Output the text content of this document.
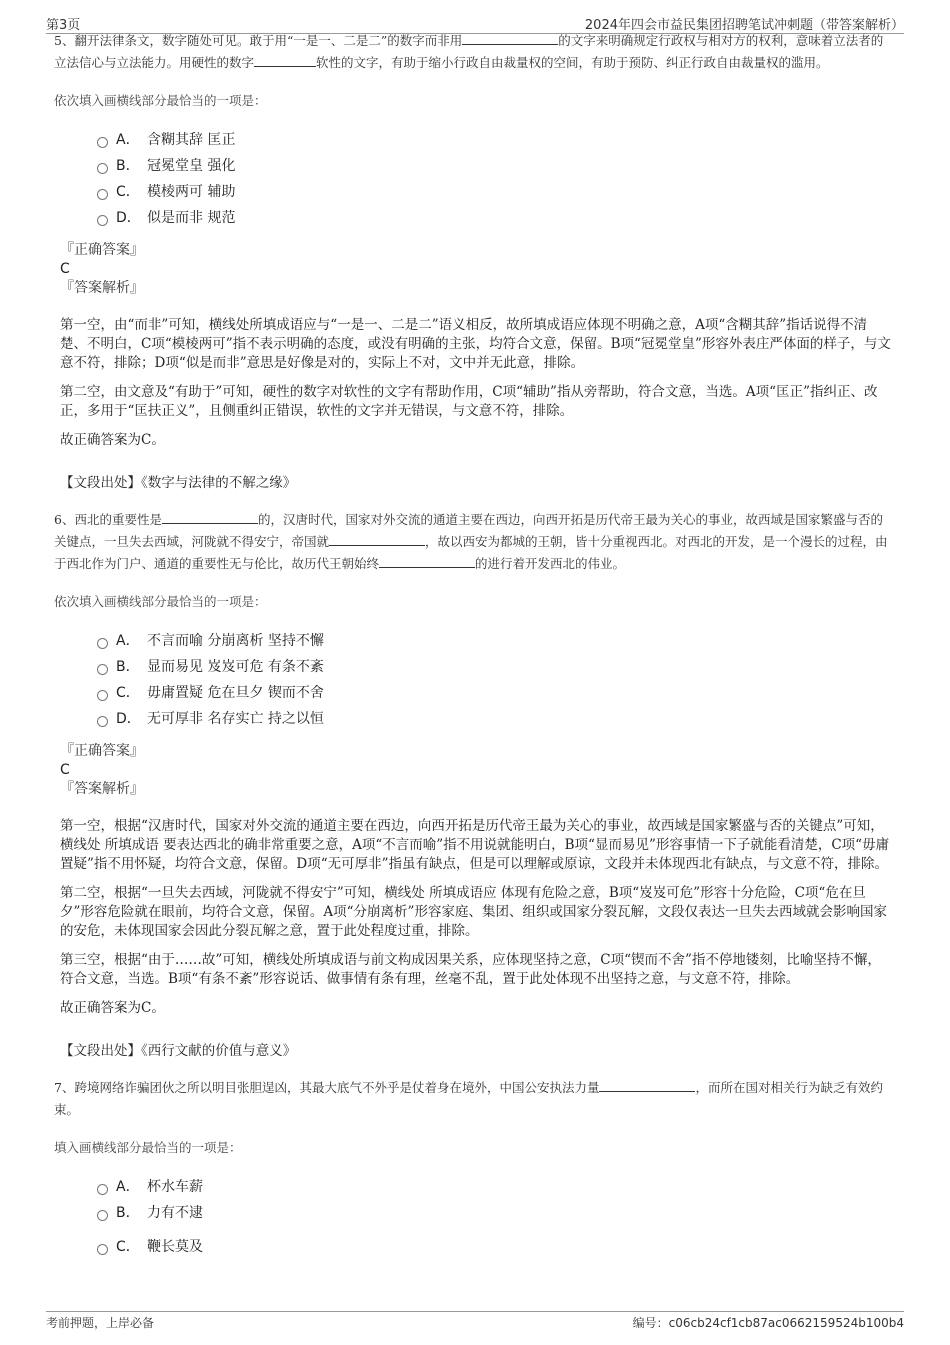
第3页	2024年四会市益民集团招聘笔试冲刺题（带答案解析）

5、翻开法律条文，数字随处可见。敢于用“一是一、二是二”的数字而非用	的文字来明确规定行政权与相对方的权利，意味着立法者的立法信心与立法能力。用硬性的数字	软性的文字，有助于缩小行政自由裁量权的空间，有助于预防、纠正行政自由裁量权的滥用。

依次填入画横线部分最恰当的一项是：

A． 含糊其辞 匡正
B． 冠冕堂皇 强化
C． 模棱两可 辅助
D． 似是而非 规范

『正确答案』

C

『答案解析』

第一空，由“而非”可知，横线处所填成语应与“一是一、二是二”语义相反，故所填成语应体现不明确之意，A项“含糊其辞”指话说得不清楚、不明白，C项“模棱两可”指不表示明确的态度，或没有明确的主张，均符合文意，保留。B项“冠冕堂皇”形容外表庄严体面的样子，与文意不符，排除；D项“似是而非”意思是好像是对的，实际上不对，文中并无此意，排除。

第二空，由文意及“有助于”可知，硬性的数字对软性的文字有帮助作用，C项“辅助”指从旁帮助，符合文意，当选。A项“匡正”指纠正、改正，多用于“匡扶正义”，且侧重纠正错误，软性的文字并无错误，与文意不符，排除。

故正确答案为C。

【文段出处】《数字与法律的不解之缘》

6、西北的重要性是	的，汉唐时代，国家对外交流的通道主要在西边，向西开拓是历代帝王最为关心的事业，故西域是国家繁盛与否的关键点，一旦失去西域，河陇就不得安宁，帝国就	，故以西安为都城的王朝，皆十分重视西北。对西北的开发，是一个漫长的过程，由于西北作为门户、通道的重要性无与伦比，故历代王朝始终	的进行着开发西北的伟业。

依次填入画横线部分最恰当的一项是：

A． 不言而喻 分崩离析 坚持不懈
B． 显而易见 岌岌可危 有条不紊
C． 毋庸置疑 危在旦夕 锲而不舍
D． 无可厚非 名存实亡 持之以恒

『正确答案』

C

『答案解析』

第一空，根据“汉唐时代，国家对外交流的通道主要在西边，向西开拓是历代帝王最为关心的事业，故西域是国家繁盛与否的关键点”可知，横线处 所填成语 要表达西北的确非常重要之意，A项“不言而喻”指不用说就能明白，B项“显而易见”形容事情一下子就能看清楚，C项“毋庸置疑”指不用怀疑，均符合文意，保留。D项“无可厚非”指虽有缺点，但是可以理解或原谅，文段并未体现西北有缺点，与文意不符，排除。

第二空，根据“一旦失去西域，河陇就不得安宁”可知，横线处 所填成语应 体现有危险之意，B项“岌岌可危”形容十分危险，C项“危在旦夕”形容危险就在眼前，均符合文意，保留。A项“分崩离析”形容家庭、集团、组织或国家分裂瓦解，文段仅表达一旦失去西域就会影响国家的安危，未体现国家会因此分裂瓦解之意，置于此处程度过重，排除。

第三空，根据“由于……故”可知，横线处所填成语与前文构成因果关系，应体现坚持之意，C项“锲而不舍”指不停地镂刻，比喻坚持不懈，符合文意，当选。B项“有条不紊”形容说话、做事情有条有理，丝毫不乱，置于此处体现不出坚持之意，与文意不符，排除。

故正确答案为C。

【文段出处】《西行文献的价值与意义》

7、跨境网络诈骗团伙之所以明目张胆逞凶，其最大底气不外乎是仗着身在境外，中国公安执法力量	，而所在国对相关行为缺乏有效约束。

填入画横线部分最恰当的一项是：

A． 杯水车薪
B． 力有不逮
C． 鞭长莫及
考前押题，上岸必备	编号：c06cb24cf1cb87ac0662159524b100b4
